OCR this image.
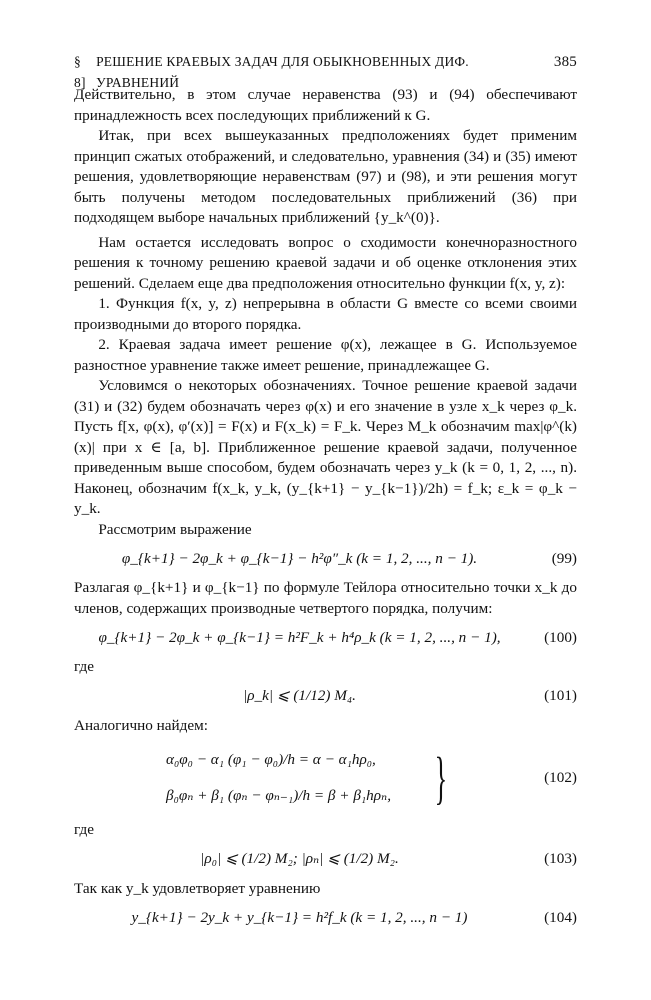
§ 8]
РЕШЕНИЕ КРАЕВЫХ ЗАДАЧ ДЛЯ ОБЫКНОВЕННЫХ ДИФ. УРАВНЕНИЙ
385

Действительно, в этом случае неравенства (93) и (94) обеспечивают принадлежность всех последующих приближений к G.

Итак, при всех вышеуказанных предположениях будет применим принцип сжатых отображений, и следовательно, уравнения (34) и (35) имеют решения, удовлетворяющие неравенствам (97) и (98), и эти решения могут быть получены методом последовательных приближений (36) при подходящем выборе начальных приближений {y_k^(0)}.

Нам остается исследовать вопрос о сходимости конечноразностного решения к точному решению краевой задачи и об оценке отклонения этих решений. Сделаем еще два предположения относительно функции f(x, y, z):

1. Функция f(x, y, z) непрерывна в области G вместе со всеми своими производными до второго порядка.

2. Краевая задача имеет решение φ(x), лежащее в G. Используемое разностное уравнение также имеет решение, принадлежащее G.

Условимся о некоторых обозначениях. Точное решение краевой задачи (31) и (32) будем обозначать через φ(x) и его значение в узле x_k через φ_k. Пусть f[x, φ(x), φ′(x)] = F(x) и F(x_k) = F_k. Через M_k обозначим max|φ^(k)(x)| при x ∈ [a, b]. Приближенное решение краевой задачи, полученное приведенным выше способом, будем обозначать через y_k (k = 0, 1, 2, ..., n). Наконец, обозначим f(x_k, y_k, (y_{k+1} − y_{k−1})/2h) = f_k; ε_k = φ_k − y_k.

Рассмотрим выражение

φ_{k+1} − 2φ_k + φ_{k−1} − h²φ″_k (k = 1, 2, ..., n − 1).	(99)

Разлагая φ_{k+1} и φ_{k−1} по формуле Тейлора относительно точки x_k до членов, содержащих производные четвертого порядка, получим:

φ_{k+1} − 2φ_k + φ_{k−1} = h²F_k + h⁴ρ_k (k = 1, 2, ..., n − 1),	(100)

где

|ρ_k| ⩽ (1/12) M₄.	(101)

Аналогично найдем:

α₀φ₀ − α₁ (φ₁ − φ₀)/h = α − α₁hρ₀,
β₀φₙ + β₁ (φₙ − φₙ₋₁)/h = β + β₁hρₙ, }	(102)

где

|ρ₀| ⩽ (1/2) M₂; |ρₙ| ⩽ (1/2) M₂.	(103)

Так как y_k удовлетворяет уравнению

y_{k+1} − 2y_k + y_{k−1} = h²f_k (k = 1, 2, ..., n − 1)	(104)
